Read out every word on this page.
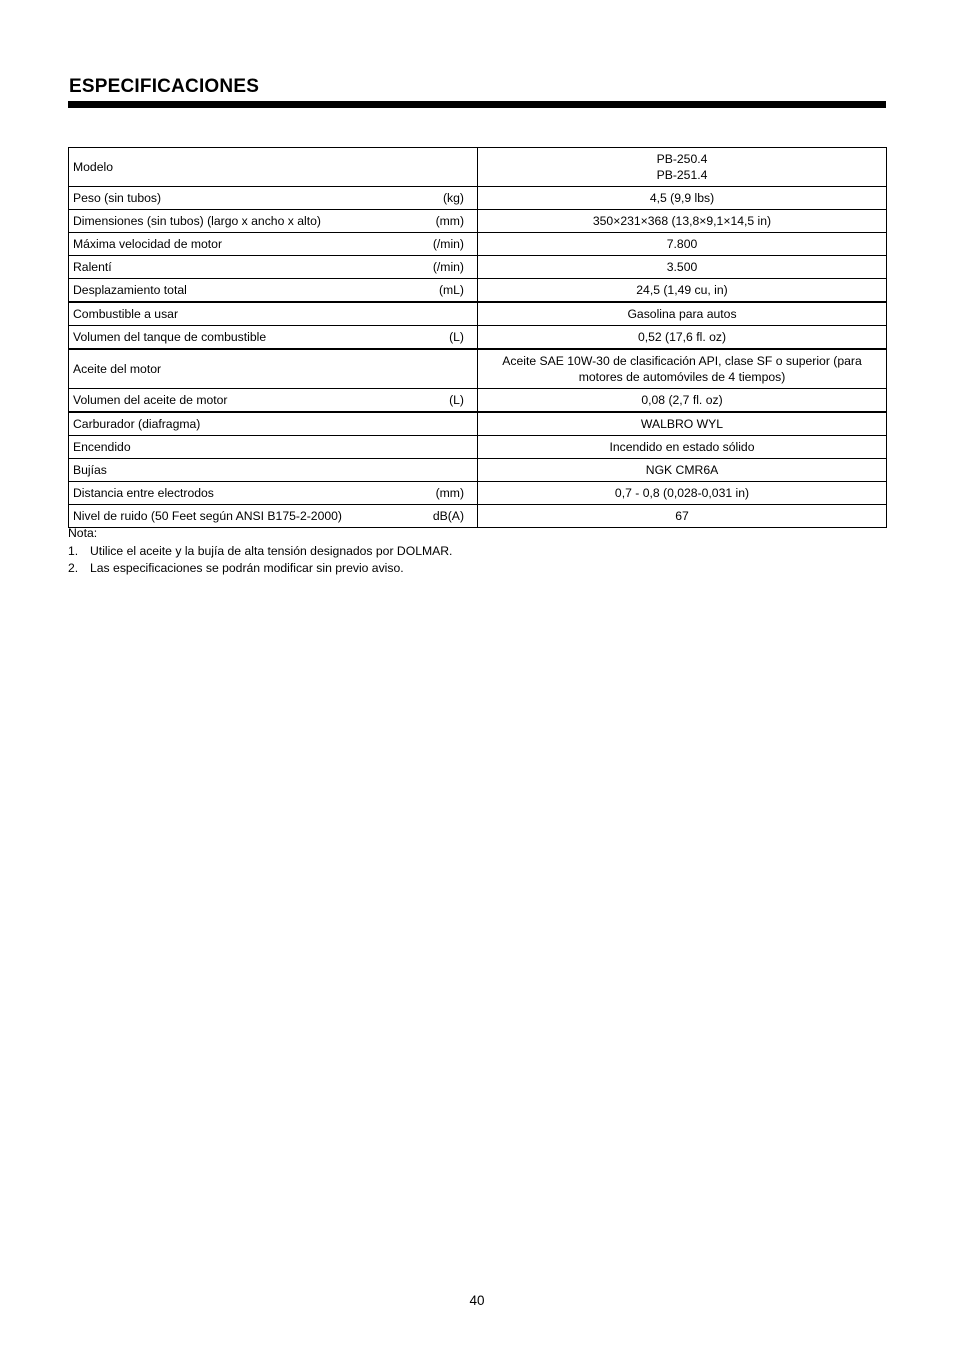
ESPECIFICACIONES
Modelo	PB-250.4
PB-251.4

Peso (sin tubos) (kg)	4,5 (9,9 lbs)

Dimensiones (sin tubos) (largo x ancho x alto) (mm)	350×231×368 (13,8×9,1×14,5 in)

Máxima velocidad de motor (/min)	7.800

Ralentí (/min)	3.500

Desplazamiento total (mL)	24,5 (1,49 cu, in)

Combustible a usar	Gasolina para autos

Volumen del tanque de combustible (L)	0,52 (17,6 fl. oz)

Aceite del motor	Aceite SAE 10W-30 de clasificación API, clase SF o superior (para
motores de automóviles de 4 tiempos)

Volumen del aceite de motor (L)	0,08 (2,7 fl. oz)

Carburador (diafragma)	WALBRO WYL

Encendido	Incendido en estado sólido

Bujías	NGK CMR6A

Distancia entre electrodos (mm)	0,7 - 0,8 (0,028-0,031 in)

Nivel de ruido (50 Feet según ANSI B175-2-2000) dB(A)	67
Nota:
1. Utilice el aceite y la bujía de alta tensión designados por DOLMAR.
2. Las especificaciones se podrán modificar sin previo aviso.
40
